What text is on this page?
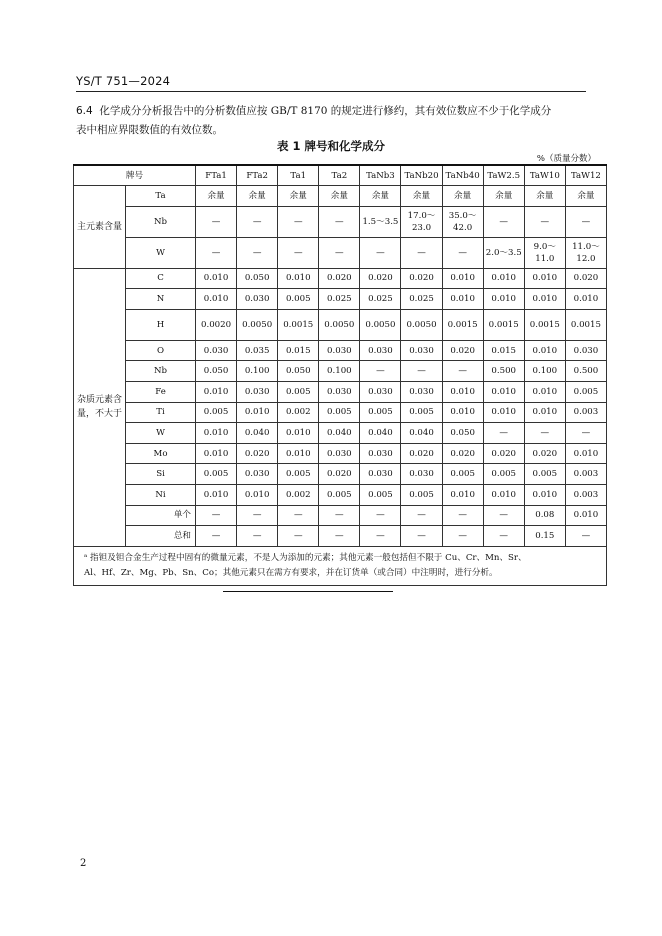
YS/T 751—2024
6.4 化学成分分析报告中的分析数值应按 GB/T 8170 的规定进行修约，其有效位数应不少于化学成分
表中相应界限数值的有效位数。
表 1 牌号和化学成分
%（质量分数）
牌号		FTa1	FTa2	Ta1	Ta2	TaNb3	TaNb20	TaNb40	TaW2.5	TaW10	TaW12
主元素含量	Ta	余量	余量	余量	余量	余量	余量	余量	余量	余量	余量
	Nb	—	—	—	—	1.5～3.5	17.0～23.0	35.0～42.0	—	—	—
	W	—	—	—	—	—	—	—	2.0～3.5	9.0～11.0	11.0～12.0
杂质元素含量，不大于	C	0.010	0.050	0.010	0.020	0.020	0.020	0.010	0.010	0.010	0.020
	N	0.010	0.030	0.005	0.025	0.025	0.025	0.010	0.010	0.010	0.010
	H	0.0020	0.0050	0.0015	0.0050	0.0050	0.0050	0.0015	0.0015	0.0015	0.0015
	O	0.030	0.035	0.015	0.030	0.030	0.030	0.020	0.015	0.010	0.030
	Nb	0.050	0.100	0.050	0.100	—	—	—	0.500	0.100	0.500
	Fe	0.010	0.030	0.005	0.030	0.030	0.030	0.010	0.010	0.010	0.005
	Ti	0.005	0.010	0.002	0.005	0.005	0.005	0.010	0.010	0.010	0.003
	W	0.010	0.040	0.010	0.040	0.040	0.040	0.050	—	—	—
	Mo	0.010	0.020	0.010	0.030	0.030	0.020	0.020	0.020	0.020	0.010
	Si	0.005	0.030	0.005	0.020	0.030	0.030	0.005	0.005	0.005	0.003
	Ni	0.010	0.010	0.002	0.005	0.005	0.005	0.010	0.010	0.010	0.003
	单个	—	—	—	—	—	—	—	—	0.08	0.010
	总和	—	—	—	—	—	—	—	—	0.15	—

ᵃ 指钽及钽合金生产过程中固有的微量元素，不是人为添加的元素；其他元素一般包括但不限于 Cu、Cr、Mn、Sr、
Al、Hf、Zr、Mg、Pb、Sn、Co；其他元素只在需方有要求，并在订货单（或合同）中注明时，进行分析。											
2
